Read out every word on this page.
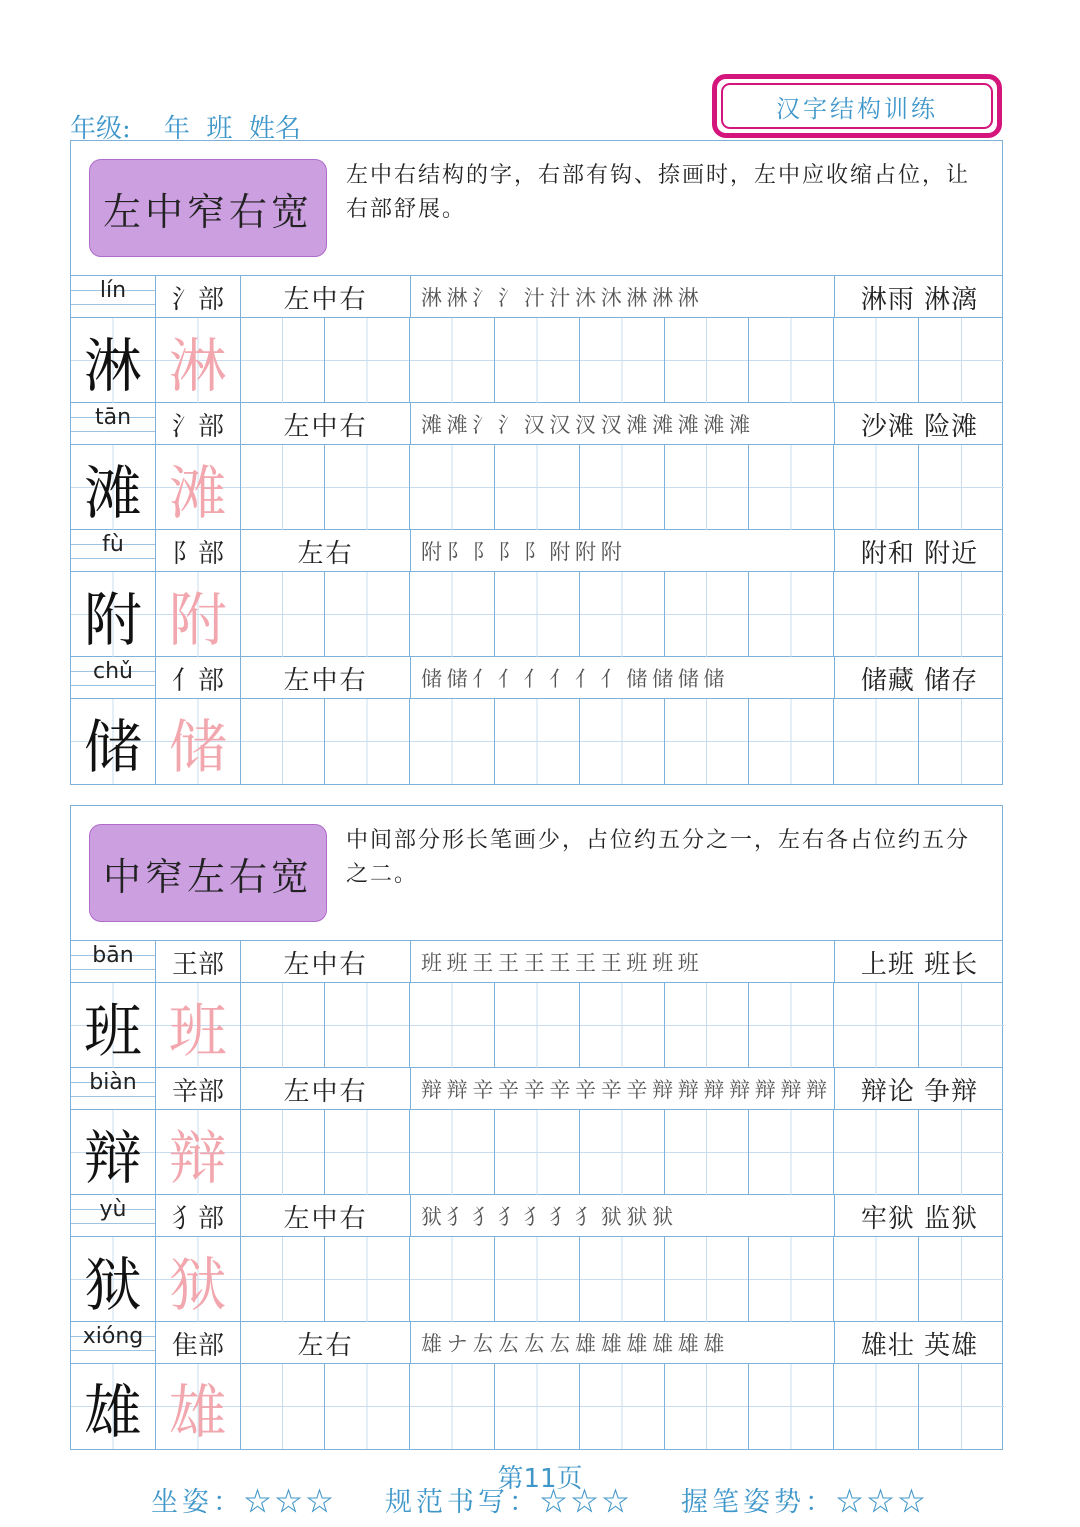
年级:    年  班  姓名
汉字结构训练
左中窄右宽
左中右结构的字，右部有钩、捺画时，左中应收缩占位，让右部舒展。
lín	氵部	左中右	淋 淋 氵 氵 汁 汁 沐 沐 淋 淋 淋	淋雨 淋漓
淋 淋
tān	氵部	左中右	滩 滩 氵 氵 汉 汉 汊 汊 滩 滩 滩 滩 滩	沙滩 险滩
滩 滩
fù	阝部	左右	附 阝 阝 阝 阝 附 附 附	附和 附近
附 附
chǔ	亻部	左中右	储 储 亻 亻 亻 亻 亻 亻 储 储 储 储	储藏 储存
储 储
中窄左右宽
中间部分形长笔画少，占位约五分之一，左右各占位约五分之二。
bān	王部	左中右	班 班 王 王 王 王 王 王 班 班 班	上班 班长
班 班
biàn	辛部	左中右	辩 辩 辛 辛 辛 辛 辛 辛 辛 辩 辩 辩 辩 辩 辩 辩	辩论 争辩
辩 辩
yù	犭部	左中右	狱 犭 犭 犭 犭 犭 犭 狱 狱 狱	牢狱 监狱
狱 狱
xióng	隹部	左右	雄 ナ 厷 厷 厷 厷 雄 雄 雄 雄 雄 雄	雄壮 英雄
雄 雄
第11页
坐姿：☆☆☆ 规范书写：☆☆☆ 握笔姿势：☆☆☆
